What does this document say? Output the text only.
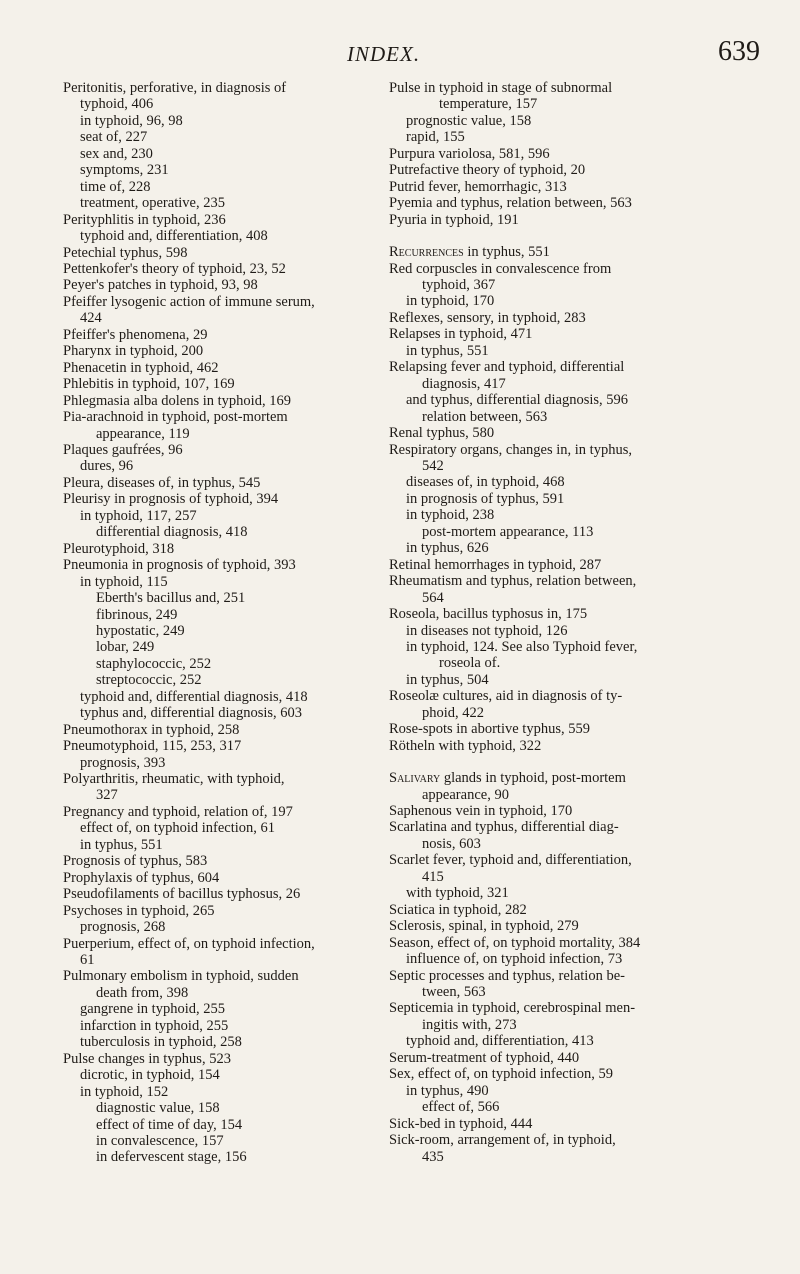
INDEX.	639
Peritonitis, perforative, in diagnosis of
typhoid, 406
in typhoid, 96, 98
seat of, 227
sex and, 230
symptoms, 231
time of, 228
treatment, operative, 235
Perityphlitis in typhoid, 236
typhoid and, differentiation, 408
Petechial typhus, 598
Pettenkofer's theory of typhoid, 23, 52
Peyer's patches in typhoid, 93, 98
Pfeiffer lysogenic action of immune serum,
424
Pfeiffer's phenomena, 29
Pharynx in typhoid, 200
Phenacetin in typhoid, 462
Phlebitis in typhoid, 107, 169
Phlegmasia alba dolens in typhoid, 169
Pia-arachnoid in typhoid, post-mortem
appearance, 119
Plaques gaufrées, 96
dures, 96
Pleura, diseases of, in typhus, 545
Pleurisy in prognosis of typhoid, 394
in typhoid, 117, 257
differential diagnosis, 418
Pleurotyphoid, 318
Pneumonia in prognosis of typhoid, 393
in typhoid, 115
Eberth's bacillus and, 251
fibrinous, 249
hypostatic, 249
lobar, 249
staphylococcic, 252
streptococcic, 252
typhoid and, differential diagnosis, 418
typhus and, differential diagnosis, 603
Pneumothorax in typhoid, 258
Pneumotyphoid, 115, 253, 317
prognosis, 393
Polyarthritis, rheumatic, with typhoid,
327
Pregnancy and typhoid, relation of, 197
effect of, on typhoid infection, 61
in typhus, 551
Prognosis of typhus, 583
Prophylaxis of typhus, 604
Pseudofilaments of bacillus typhosus, 26
Psychoses in typhoid, 265
prognosis, 268
Puerperium, effect of, on typhoid infection,
61
Pulmonary embolism in typhoid, sudden
death from, 398
gangrene in typhoid, 255
infarction in typhoid, 255
tuberculosis in typhoid, 258
Pulse changes in typhus, 523
dicrotic, in typhoid, 154
in typhoid, 152
diagnostic value, 158
effect of time of day, 154
in convalescence, 157
in defervescent stage, 156
Pulse in typhoid in stage of subnormal
temperature, 157
prognostic value, 158
rapid, 155
Purpura variolosa, 581, 596
Putrefactive theory of typhoid, 20
Putrid fever, hemorrhagic, 313
Pyemia and typhus, relation between, 563
Pyuria in typhoid, 191
Recurrences in typhus, 551
Red corpuscles in convalescence from
typhoid, 367
in typhoid, 170
Reflexes, sensory, in typhoid, 283
Relapses in typhoid, 471
in typhus, 551
Relapsing fever and typhoid, differential
diagnosis, 417
and typhus, differential diagnosis, 596
relation between, 563
Renal typhus, 580
Respiratory organs, changes in, in typhus,
542
diseases of, in typhoid, 468
in prognosis of typhus, 591
in typhoid, 238
post-mortem appearance, 113
in typhus, 626
Retinal hemorrhages in typhoid, 287
Rheumatism and typhus, relation between,
564
Roseola, bacillus typhosus in, 175
in diseases not typhoid, 126
in typhoid, 124. See also Typhoid fever,
roseola of.
in typhus, 504
Roseolæ cultures, aid in diagnosis of ty-
phoid, 422
Rose-spots in abortive typhus, 559
Rötheln with typhoid, 322
Salivary glands in typhoid, post-mortem
appearance, 90
Saphenous vein in typhoid, 170
Scarlatina and typhus, differential diag-
nosis, 603
Scarlet fever, typhoid and, differentiation,
415
with typhoid, 321
Sciatica in typhoid, 282
Sclerosis, spinal, in typhoid, 279
Season, effect of, on typhoid mortality, 384
influence of, on typhoid infection, 73
Septic processes and typhus, relation be-
tween, 563
Septicemia in typhoid, cerebrospinal men-
ingitis with, 273
typhoid and, differentiation, 413
Serum-treatment of typhoid, 440
Sex, effect of, on typhoid infection, 59
in typhus, 490
effect of, 566
Sick-bed in typhoid, 444
Sick-room, arrangement of, in typhoid,
435
